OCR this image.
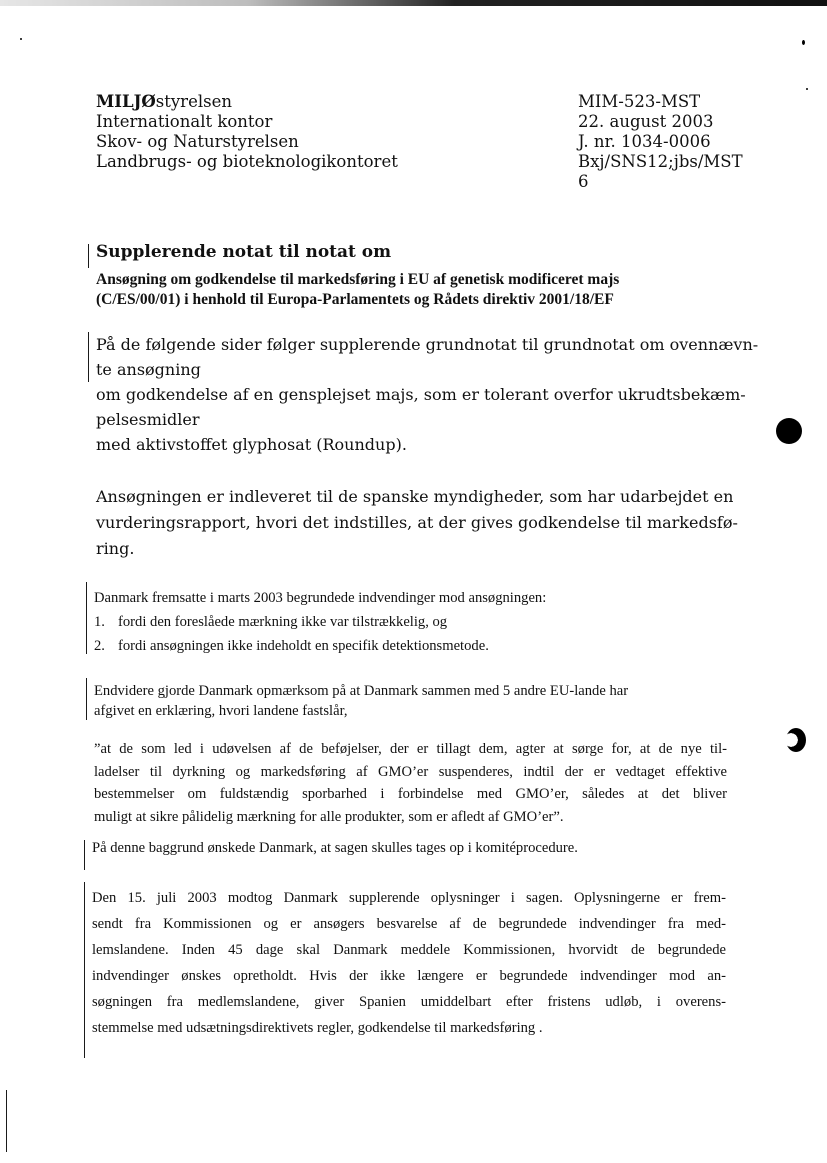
MILJØstyrelsen
Internationalt kontor
Skov- og Naturstyrelsen
Landbrugs- og bioteknologikontoret
MIM-523-MST
22. august 2003
J. nr. 1034-0006
Bxj/SNS12;jbs/MST
6
Supplerende notat til notat om
Ansøgning om godkendelse til markedsføring i EU af genetisk modificeret majs
(C/ES/00/01) i henhold til Europa-Parlamentets og Rådets direktiv 2001/18/EF
På de følgende sider følger supplerende grundnotat til grundnotat om ovennævn-
te ansøgning
om godkendelse af en gensplejset majs, som er tolerant overfor ukrudtsbekæm-
pelsesmidler
med aktivstoffet glyphosat (Roundup).
Ansøgningen er indleveret til de spanske myndigheder, som har udarbejdet en
vurderingsrapport, hvori det indstilles, at der gives godkendelse til markedsfø-
ring.
Danmark fremsatte i marts 2003 begrundede indvendinger mod ansøgningen:
1. fordi den foreslåede mærkning ikke var tilstrækkelig, og
2. fordi ansøgningen ikke indeholdt en specifik detektionsmetode.
Endvidere gjorde Danmark opmærksom på at Danmark sammen med 5 andre EU-lande har
afgivet en erklæring, hvori landene fastslår,
”at de som led i udøvelsen af de beføjelser, der er tillagt dem, agter at sørge for, at de nye til-
ladelser til dyrkning og markedsføring af GMO’er suspenderes, indtil der er vedtaget effektive
bestemmelser om fuldstændig sporbarhed i forbindelse med GMO’er, således at det bliver
muligt at sikre pålidelig mærkning for alle produkter, som er afledt af GMO’er”.
På denne baggrund ønskede Danmark, at sagen skulles tages op i komitéprocedure.
Den 15. juli 2003 modtog Danmark supplerende oplysninger i sagen. Oplysningerne er frem-
sendt fra Kommissionen og er ansøgers besvarelse af de begrundede indvendinger fra med-
lemslandene. Inden 45 dage skal Danmark meddele Kommissionen, hvorvidt de begrundede
indvendinger ønskes opretholdt. Hvis der ikke længere er begrundede indvendinger mod an-
søgningen fra medlemslandene, giver Spanien umiddelbart efter fristens udløb, i overens-
stemmelse med udsætningsdirektivets regler, godkendelse til markedsføring .
